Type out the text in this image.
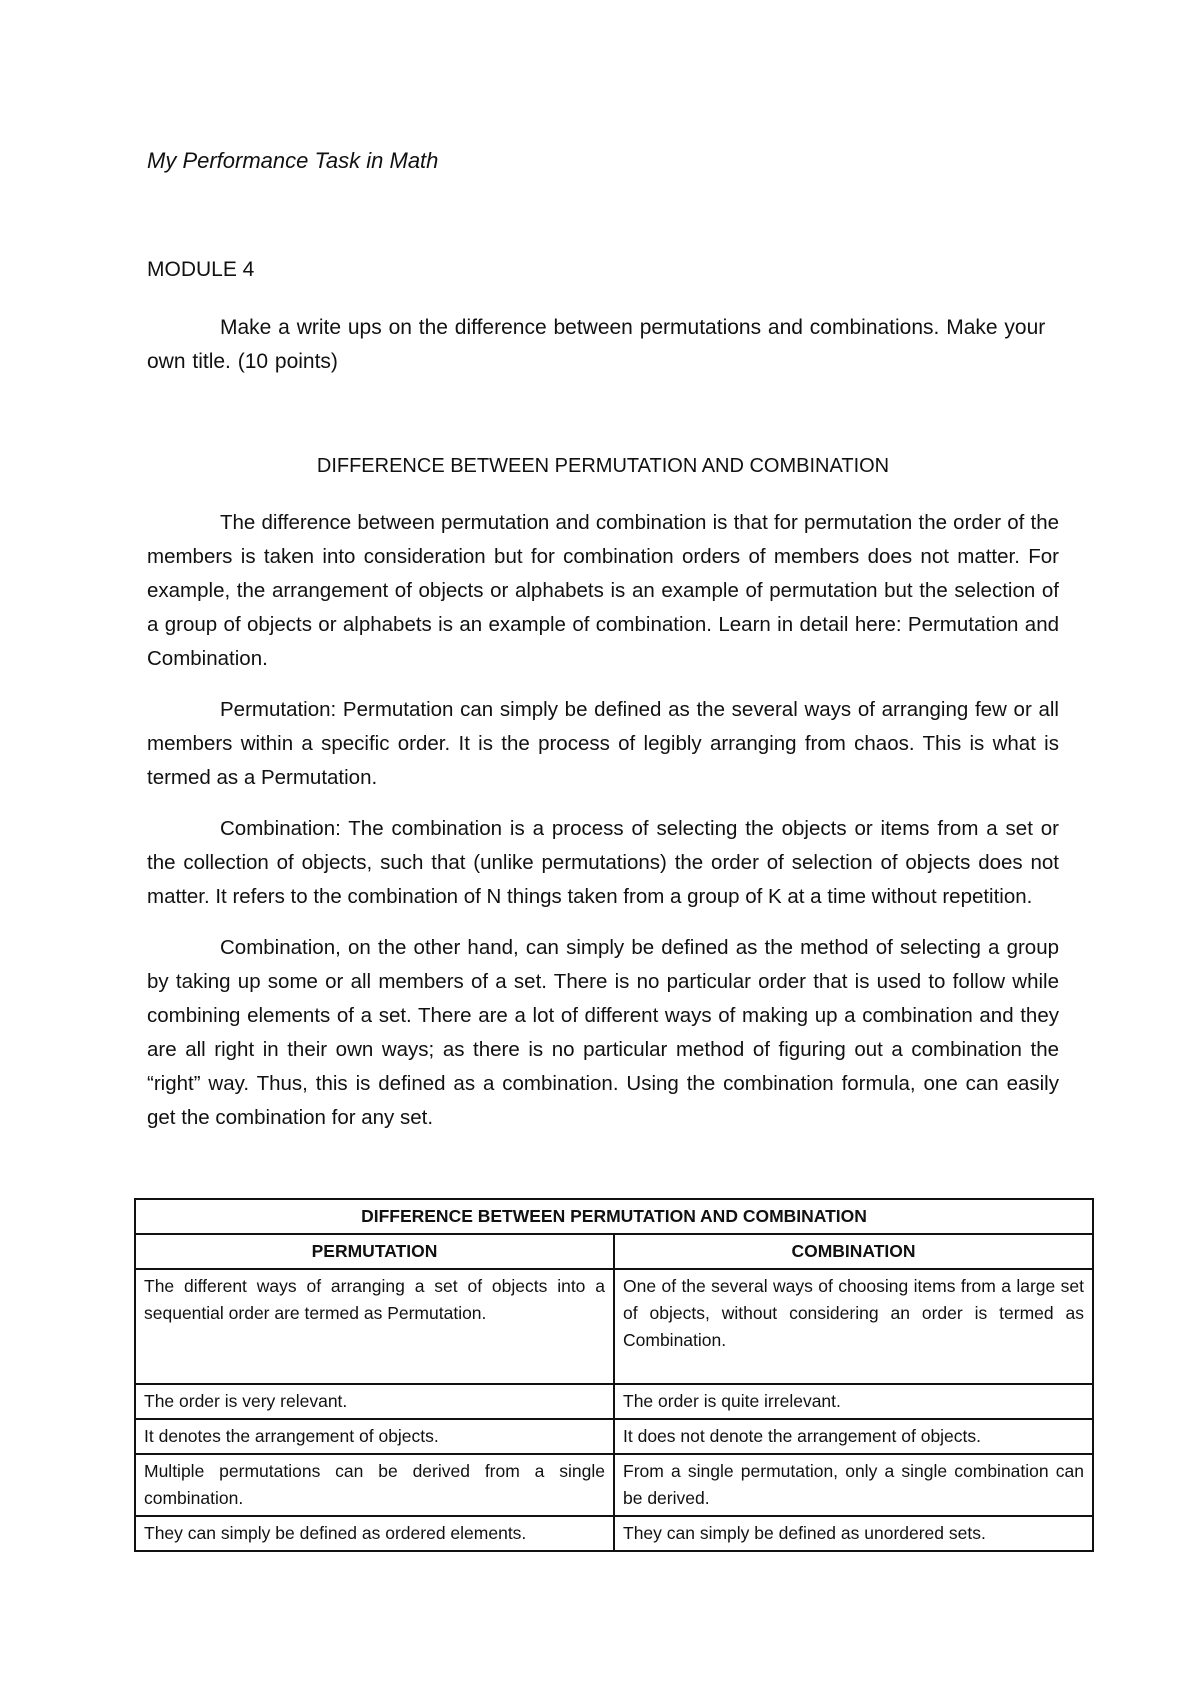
My Performance Task in Math

MODULE 4

Make a write ups on the difference between permutations and combinations. Make your own title. (10 points)

DIFFERENCE BETWEEN PERMUTATION AND COMBINATION

The difference between permutation and combination is that for permutation the order of the members is taken into consideration but for combination orders of members does not matter. For example, the arrangement of objects or alphabets is an example of permutation but the selection of a group of objects or alphabets is an example of combination. Learn in detail here: Permutation and Combination.

Permutation: Permutation can simply be defined as the several ways of arranging few or all members within a specific order. It is the process of legibly arranging from chaos. This is what is termed as a Permutation.

Combination: The combination is a process of selecting the objects or items from a set or the collection of objects, such that (unlike permutations) the order of selection of objects does not matter. It refers to the combination of N things taken from a group of K at a time without repetition.

Combination, on the other hand, can simply be defined as the method of selecting a group by taking up some or all members of a set. There is no particular order that is used to follow while combining elements of a set. There are a lot of different ways of making up a combination and they are all right in their own ways; as there is no particular method of figuring out a combination the “right” way. Thus, this is defined as a combination. Using the combination formula, one can easily get the combination for any set.

DIFFERENCE BETWEEN PERMUTATION AND COMBINATION	
PERMUTATION	COMBINATION
The different ways of arranging a set of objects into a sequential order are termed as Permutation.	One of the several ways of choosing items from a large set of objects, without considering an order is termed as Combination.
The order is very relevant.	The order is quite irrelevant.
It denotes the arrangement of objects.	It does not denote the arrangement of objects.
Multiple permutations can be derived from a single combination.	From a single permutation, only a single combination can be derived.
They can simply be defined as ordered elements.	They can simply be defined as unordered sets.
